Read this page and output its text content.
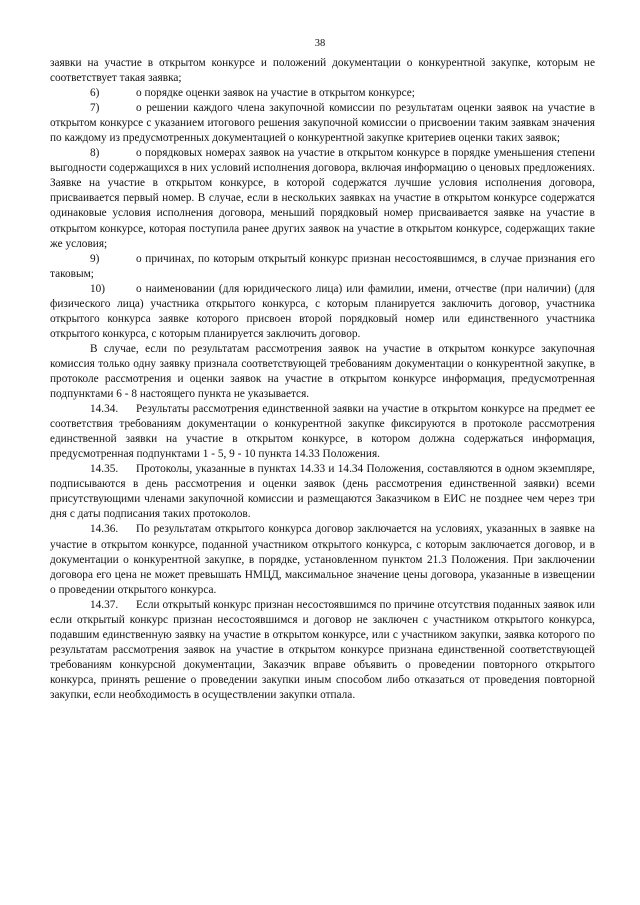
38

заявки на участие в открытом конкурсе и положений документации о конкурентной закупке, которым не соответствует такая заявка;

6)	о порядке оценки заявок на участие в открытом конкурсе;

7)	о решении каждого члена закупочной комиссии по результатам оценки заявок на участие в открытом конкурсе с указанием итогового решения закупочной комиссии о присвоении таким заявкам значения по каждому из предусмотренных документацией о конкурентной закупке критериев оценки таких заявок;

8)	о порядковых номерах заявок на участие в открытом конкурсе в порядке уменьшения степени выгодности содержащихся в них условий исполнения договора, включая информацию о ценовых предложениях. Заявке на участие в открытом конкурсе, в которой содержатся лучшие условия исполнения договора, присваивается первый номер. В случае, если в нескольких заявках на участие в открытом конкурсе содержатся одинаковые условия исполнения договора, меньший порядковый номер присваивается заявке на участие в открытом конкурсе, которая поступила ранее других заявок на участие в открытом конкурсе, содержащих такие же условия;

9)	о причинах, по которым открытый конкурс признан несостоявшимся, в случае признания его таковым;

10)	о наименовании (для юридического лица) или фамилии, имени, отчестве (при наличии) (для физического лица) участника открытого конкурса, с которым планируется заключить договор, участника открытого конкурса заявке которого присвоен второй порядковый номер или единственного участника открытого конкурса, с которым планируется заключить договор.

В случае, если по результатам рассмотрения заявок на участие в открытом конкурсе закупочная комиссия только одну заявку признала соответствующей требованиям документации о конкурентной закупке, в протоколе рассмотрения и оценки заявок на участие в открытом конкурсе информация, предусмотренная подпунктами 6 - 8 настоящего пункта не указывается.

14.34. Результаты рассмотрения единственной заявки на участие в открытом конкурсе на предмет ее соответствия требованиям документации о конкурентной закупке фиксируются в протоколе рассмотрения единственной заявки на участие в открытом конкурсе, в котором должна содержаться информация, предусмотренная подпунктами 1 - 5, 9 - 10 пункта 14.33 Положения.

14.35. Протоколы, указанные в пунктах 14.33 и 14.34 Положения, составляются в одном экземпляре, подписываются в день рассмотрения и оценки заявок (день рассмотрения единственной заявки) всеми присутствующими членами закупочной комиссии и размещаются Заказчиком в ЕИС не позднее чем через три дня с даты подписания таких протоколов.

14.36. По результатам открытого конкурса договор заключается на условиях, указанных в заявке на участие в открытом конкурсе, поданной участником открытого конкурса, с которым заключается договор, и в документации о конкурентной закупке, в порядке, установленном пунктом 21.3 Положения. При заключении договора его цена не может превышать НМЦД, максимальное значение цены договора, указанные в извещении о проведении открытого конкурса.

14.37. Если открытый конкурс признан несостоявшимся по причине отсутствия поданных заявок или если открытый конкурс признан несостоявшимся и договор не заключен с участником открытого конкурса, подавшим единственную заявку на участие в открытом конкурсе, или с участником закупки, заявка которого по результатам рассмотрения заявок на участие в открытом конкурсе признана единственной соответствующей требованиям конкурсной документации, Заказчик вправе объявить о проведении повторного открытого конкурса, принять решение о проведении закупки иным способом либо отказаться от проведения повторной закупки, если необходимость в осуществлении закупки отпала.
